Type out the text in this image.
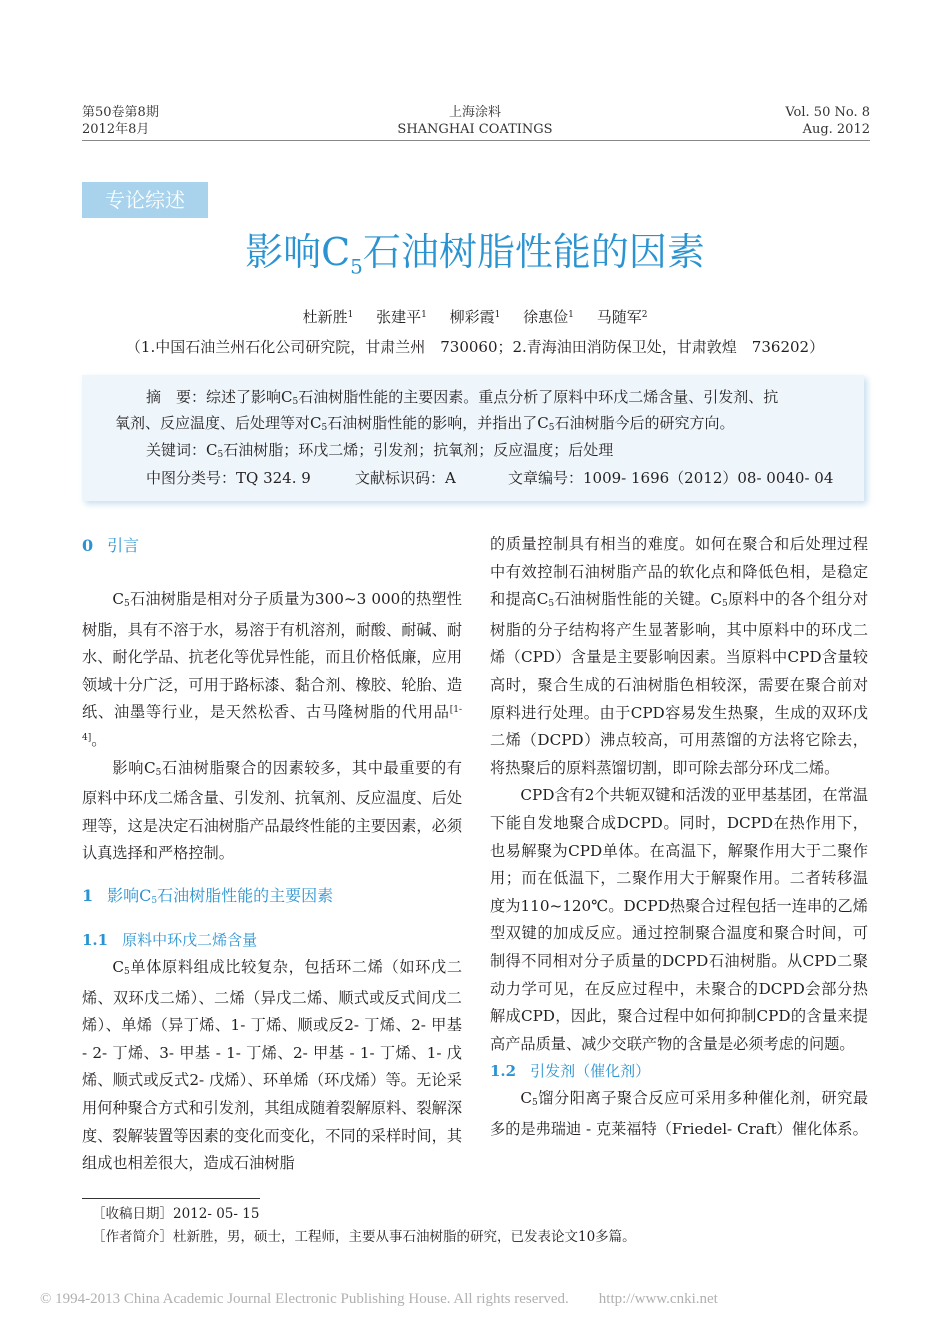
第50卷第8期
2012年8月
上海涂料
SHANGHAI COATINGS
Vol. 50 No. 8
Aug. 2012
专论综述
影响$C_5$石油树脂性能的因素
杜新胜$^1$ 张建平$^1$ 柳彩霞$^1$ 徐惠俭$^1$ 马随军$^2$
（1.中国石油兰州石化公司研究院，甘肃兰州　730060；2.青海油田消防保卫处，甘肃敦煌　736202）
摘　要：综述了影响C5石油树脂性能的主要因素。重点分析了原料中环戊二烯含量、引发剂、抗
氧剂、反应温度、后处理等对C5石油树脂性能的影响，并指出了C5石油树脂今后的研究方向。
关键词：C5石油树脂；环戊二烯；引发剂；抗氧剂；反应温度；后处理
中图分类号：TQ 324. 9	文献标识码：A	文章编号：1009- 1696（2012）08- 0040- 04
0 引言

C5石油树脂是相对分子质量为300~3 000的热塑性树脂，具有不溶于水，易溶于有机溶剂，耐酸、耐碱、耐水、耐化学品、抗老化等优异性能，而且价格低廉，应用领域十分广泛，可用于路标漆、黏合剂、橡胶、轮胎、造纸、油墨等行业，是天然松香、古马隆树脂的代用品[1-4]。

影响C5石油树脂聚合的因素较多，其中最重要的有原料中环戊二烯含量、引发剂、抗氧剂、反应温度、后处理等，这是决定石油树脂产品最终性能的主要因素，必须认真选择和严格控制。

1 影响C5石油树脂性能的主要因素
1.1 原料中环戊二烯含量

C5单体原料组成比较复杂，包括环二烯（如环戊二烯、双环戊二烯）、二烯（异戊二烯、顺式或反式间戊二烯）、单烯（异丁烯、1- 丁烯、顺或反2- 丁烯、2- 甲基 - 2- 丁烯、3- 甲基 - 1- 丁烯、2- 甲基 - 1- 丁烯、1- 戊烯、顺式或反式2- 戊烯）、环单烯（环戊烯）等。无论采用何种聚合方式和引发剂，其组成随着裂解原料、裂解深度、裂解装置等因素的变化而变化，不同的采样时间，其组成也相差很大，造成石油树脂

的质量控制具有相当的难度。如何在聚合和后处理过程中有效控制石油树脂产品的软化点和降低色相，是稳定和提高C5石油树脂性能的关键。C5原料中的各个组分对树脂的分子结构将产生显著影响，其中原料中的环戊二烯（CPD）含量是主要影响因素。当原料中CPD含量较高时，聚合生成的石油树脂色相较深，需要在聚合前对原料进行处理。由于CPD容易发生热聚，生成的双环戊二烯（DCPD）沸点较高，可用蒸馏的方法将它除去，将热聚后的原料蒸馏切割，即可除去部分环戊二烯。

CPD含有2个共轭双键和活泼的亚甲基基团，在常温下能自发地聚合成DCPD。同时，DCPD在热作用下，也易解聚为CPD单体。在高温下，解聚作用大于二聚作用；而在低温下，二聚作用大于解聚作用。二者转移温度为110~120℃。DCPD热聚合过程包括一连串的乙烯型双键的加成反应。通过控制聚合温度和聚合时间，可制得不同相对分子质量的DCPD石油树脂。从CPD二聚动力学可见，在反应过程中，未聚合的DCPD会部分热解成CPD，因此，聚合过程中如何抑制CPD的含量来提高产品质量、减少交联产物的含量是必须考虑的问题。

1.2 引发剂（催化剂）

C5馏分阳离子聚合反应可采用多种催化剂，研究最多的是弗瑞迪 - 克莱福特（Friedel- Craft）催化体系。

［收稿日期］2012- 05- 15
［作者简介］杜新胜，男，硕士，工程师，主要从事石油树脂的研究，已发表论文10多篇。
© 1994-2013 China Academic Journal Electronic Publishing House. All rights reserved.　　http://www.cnki.net
